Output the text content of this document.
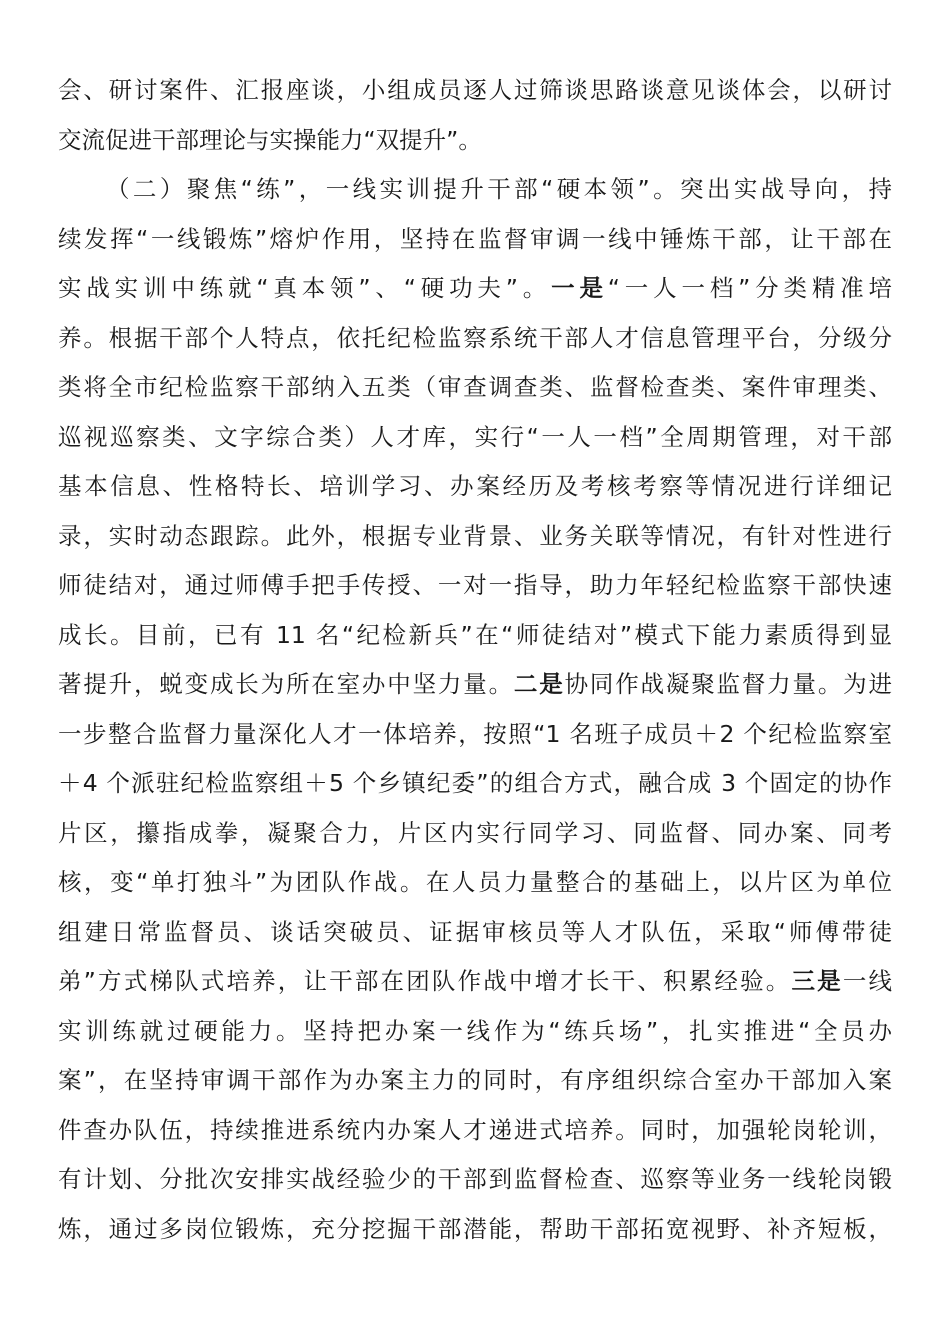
会、研讨案件、汇报座谈，小组成员逐人过筛谈思路谈意见谈体会，以研讨
交流促进干部理论与实操能力“双提升”。
（二）聚焦“练”，一线实训提升干部“硬本领”。突出实战导向，持
续发挥“一线锻炼”熔炉作用，坚持在监督审调一线中锤炼干部，让干部在
实战实训中练就“真本领”、“硬功夫”。一是“一人一档”分类精准培
养。根据干部个人特点，依托纪检监察系统干部人才信息管理平台，分级分
类将全市纪检监察干部纳入五类（审查调查类、监督检查类、案件审理类、
巡视巡察类、文字综合类）人才库，实行“一人一档”全周期管理，对干部
基本信息、性格特长、培训学习、办案经历及考核考察等情况进行详细记
录，实时动态跟踪。此外，根据专业背景、业务关联等情况，有针对性进行
师徒结对，通过师傅手把手传授、一对一指导，助力年轻纪检监察干部快速
成长。目前，已有 11 名“纪检新兵”在“师徒结对”模式下能力素质得到显
著提升，蜕变成长为所在室办中坚力量。二是协同作战凝聚监督力量。为进
一步整合监督力量深化人才一体培养，按照“1 名班子成员＋2 个纪检监察室
＋4 个派驻纪检监察组＋5 个乡镇纪委”的组合方式，融合成 3 个固定的协作
片区，攥指成拳，凝聚合力，片区内实行同学习、同监督、同办案、同考
核，变“单打独斗”为团队作战。在人员力量整合的基础上，以片区为单位
组建日常监督员、谈话突破员、证据审核员等人才队伍，采取“师傅带徒
弟”方式梯队式培养，让干部在团队作战中增才长干、积累经验。三是一线
实训练就过硬能力。坚持把办案一线作为“练兵场”，扎实推进“全员办
案”，在坚持审调干部作为办案主力的同时，有序组织综合室办干部加入案
件查办队伍，持续推进系统内办案人才递进式培养。同时，加强轮岗轮训，
有计划、分批次安排实战经验少的干部到监督检查、巡察等业务一线轮岗锻
炼，通过多岗位锻炼，充分挖掘干部潜能，帮助干部拓宽视野、补齐短板，
